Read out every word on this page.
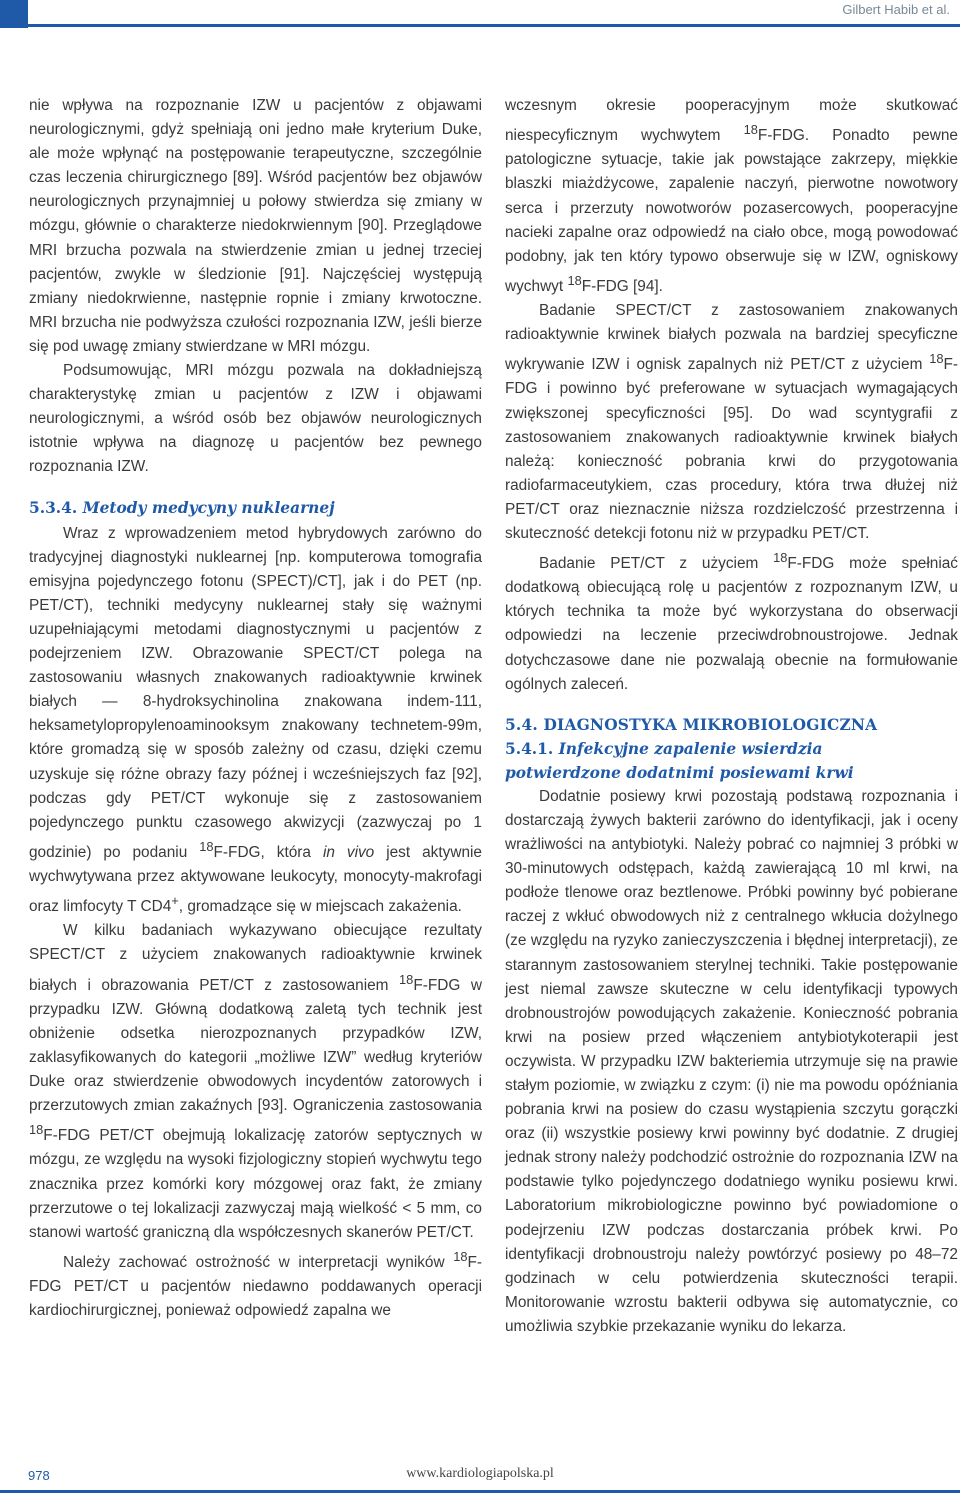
Gilbert Habib et al.

nie wpływa na rozpoznanie IZW u pacjentów z objawami neurologicznymi, gdyż spełniają oni jedno małe kryterium Duke, ale może wpłynąć na postępowanie terapeutyczne, szczególnie czas leczenia chirurgicznego [89]. Wśród pacjentów bez objawów neurologicznych przynajmniej u połowy stwierdza się zmiany w mózgu, głównie o charakterze niedokrwiennym [90]. Przeglądowe MRI brzucha pozwala na stwierdzenie zmian u jednej trzeciej pacjentów, zwykle w śledzionie [91]. Najczęściej występują zmiany niedokrwienne, następnie ropnie i zmiany krwotoczne. MRI brzucha nie podwyższa czułości rozpoznania IZW, jeśli bierze się pod uwagę zmiany stwierdzane w MRI mózgu.

Podsumowując, MRI mózgu pozwala na dokładniejszą charakterystykę zmian u pacjentów z IZW i objawami neurologicznymi, a wśród osób bez objawów neurologicznych istotnie wpływa na diagnozę u pacjentów bez pewnego rozpoznania IZW.

5.3.4. Metody medycyny nuklearnej

Wraz z wprowadzeniem metod hybrydowych zarówno do tradycyjnej diagnostyki nuklearnej [np. komputerowa tomografia emisyjna pojedynczego fotonu (SPECT)/CT], jak i do PET (np. PET/CT), techniki medycyny nuklearnej stały się ważnymi uzupełniającymi metodami diagnostycznymi u pacjentów z podejrzeniem IZW. Obrazowanie SPECT/CT polega na zastosowaniu własnych znakowanych radioaktywnie krwinek białych — 8-hydroksychinolina znakowana indem-111, heksametylopropylenoaminooksym znakowany technetem-99m, które gromadzą się w sposób zależny od czasu, dzięki czemu uzyskuje się różne obrazy fazy późnej i wcześniejszych faz [92], podczas gdy PET/CT wykonuje się z zastosowaniem pojedynczego punktu czasowego akwizycji (zazwyczaj po 1 godzinie) po podaniu $^{18}$F-FDG, która in vivo jest aktywnie wychwytywana przez aktywowane leukocyty, monocyty-makrofagi oraz limfocyty T CD4+, gromadzące się w miejscach zakażenia.

W kilku badaniach wykazywano obiecujące rezultaty SPECT/CT z użyciem znakowanych radioaktywnie krwinek białych i obrazowania PET/CT z zastosowaniem $^{18}$F-FDG w przypadku IZW. Główną dodatkową zaletą tych technik jest obniżenie odsetka nierozpoznanych przypadków IZW, zaklasyfikowanych do kategorii „możliwe IZW” według kryteriów Duke oraz stwierdzenie obwodowych incydentów zatorowych i przerzutowych zmian zakaźnych [93]. Ograniczenia zastosowania $^{18}$F-FDG PET/CT obejmują lokalizację zatorów septycznych w mózgu, ze względu na wysoki fizjologiczny stopień wychwytu tego znacznika przez komórki kory mózgowej oraz fakt, że zmiany przerzutowe o tej lokalizacji zazwyczaj mają wielkość < 5 mm, co stanowi wartość graniczną dla współczesnych skanerów PET/CT.

Należy zachować ostrożność w interpretacji wyników $^{18}$F-FDG PET/CT u pacjentów niedawno poddawanych operacji kardiochirurgicznej, ponieważ odpowiedź zapalna we

wczesnym okresie pooperacyjnym może skutkować niespecyficznym wychwytem $^{18}$F-FDG. Ponadto pewne patologiczne sytuacje, takie jak powstające zakrzepy, miękkie blaszki miażdżycowe, zapalenie naczyń, pierwotne nowotwory serca i przerzuty nowotworów pozasercowych, pooperacyjne nacieki zapalne oraz odpowiedź na ciało obce, mogą powodować podobny, jak ten który typowo obserwuje się w IZW, ogniskowy wychwyt $^{18}$F-FDG [94].

Badanie SPECT/CT z zastosowaniem znakowanych radioaktywnie krwinek białych pozwala na bardziej specyficzne wykrywanie IZW i ognisk zapalnych niż PET/CT z użyciem $^{18}$F-FDG i powinno być preferowane w sytuacjach wymagających zwiększonej specyficzności [95]. Do wad scyntygrafii z zastosowaniem znakowanych radioaktywnie krwinek białych należą: konieczność pobrania krwi do przygotowania radiofarmaceutykiem, czas procedury, która trwa dłużej niż PET/CT oraz nieznacznie niższa rozdzielczość przestrzenna i skuteczność detekcji fotonu niż w przypadku PET/CT.

Badanie PET/CT z użyciem $^{18}$F-FDG może spełniać dodatkową obiecującą rolę u pacjentów z rozpoznanym IZW, u których technika ta może być wykorzystana do obserwacji odpowiedzi na leczenie przeciwdrobnoustrojowe. Jednak dotychczasowe dane nie pozwalają obecnie na formułowanie ogólnych zaleceń.

5.4. DIAGNOSTYKA MIKROBIOLOGICZNA
5.4.1. Infekcyjne zapalenie wsierdzia
potwierdzone dodatnimi posiewami krwi

Dodatnie posiewy krwi pozostają podstawą rozpoznania i dostarczają żywych bakterii zarówno do identyfikacji, jak i oceny wrażliwości na antybiotyki. Należy pobrać co najmniej 3 próbki w 30-minutowych odstępach, każdą zawierającą 10 ml krwi, na podłoże tlenowe oraz beztlenowe. Próbki powinny być pobierane raczej z wkłuć obwodowych niż z centralnego wkłucia dożylnego (ze względu na ryzyko zanieczyszczenia i błędnej interpretacji), ze starannym zastosowaniem sterylnej techniki. Takie postępowanie jest niemal zawsze skuteczne w celu identyfikacji typowych drobnoustrojów powodujących zakażenie. Konieczność pobrania krwi na posiew przed włączeniem antybiotykoterapii jest oczywista. W przypadku IZW bakteriemia utrzymuje się na prawie stałym poziomie, w związku z czym: (i) nie ma powodu opóźniania pobrania krwi na posiew do czasu wystąpienia szczytu gorączki oraz (ii) wszystkie posiewy krwi powinny być dodatnie. Z drugiej jednak strony należy podchodzić ostrożnie do rozpoznania IZW na podstawie tylko pojedynczego dodatniego wyniku posiewu krwi. Laboratorium mikrobiologiczne powinno być powiadomione o podejrzeniu IZW podczas dostarczania próbek krwi. Po identyfikacji drobnoustroju należy powtórzyć posiewy po 48–72 godzinach w celu potwierdzenia skuteczności terapii. Monitorowanie wzrostu bakterii odbywa się automatycznie, co umożliwia szybkie przekazanie wyniku do lekarza.

978	www.kardiologiapolska.pl
